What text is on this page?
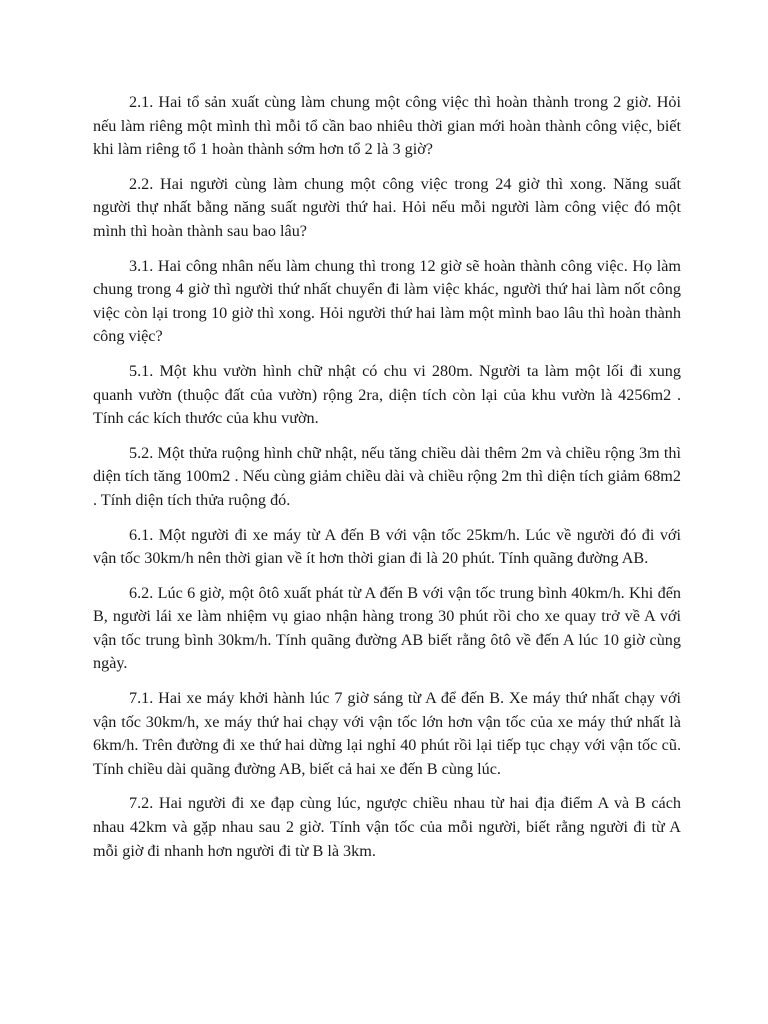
2.1. Hai tổ sản xuất cùng làm chung một công việc thì hoàn thành trong 2 giờ. Hỏi nếu làm riêng một mình thì mỗi tổ cần bao nhiêu thời gian mới hoàn thành công việc, biết khi làm riêng tổ 1 hoàn thành sớm hơn tổ 2 là 3 giờ?

2.2. Hai người cùng làm chung một công việc trong 24 giờ thì xong. Năng suất người thự nhất bằng năng suất người thứ hai. Hỏi nếu mỗi người làm công việc đó một mình thì hoàn thành sau bao lâu?

3.1. Hai công nhân nếu làm chung thì trong 12 giờ sẽ hoàn thành công việc. Họ làm chung trong 4 giờ thì người thứ nhất chuyển đi làm việc khác, người thứ hai làm nốt công việc còn lại trong 10 giờ thì xong. Hỏi người thứ hai làm một mình bao lâu thì hoàn thành công việc?

5.1. Một khu vườn hình chữ nhật có chu vi 280m. Người ta làm một lối đi xung quanh vườn (thuộc đất của vườn) rộng 2ra, diện tích còn lại của khu vườn là 4256m2 . Tính các kích thước của khu vườn.

5.2. Một thửa ruộng hình chữ nhật, nếu tăng chiều dài thêm 2m và chiều rộng 3m thì diện tích tăng 100m2 . Nếu cùng giảm chiều dài và chiều rộng 2m thì diện tích giảm 68m2 . Tính diện tích thửa ruộng đó.

6.1. Một người đi xe máy từ A đến B với vận tốc 25km/h. Lúc về người đó đi với vận tốc 30km/h nên thời gian về ít hơn thời gian đi là 20 phút. Tính quãng đường AB.

6.2. Lúc 6 giờ, một ôtô xuất phát từ A đến B với vận tốc trung bình 40km/h. Khi đến B, người lái xe làm nhiệm vụ giao nhận hàng trong 30 phút rồi cho xe quay trở về A với vận tốc trung bình 30km/h. Tính quãng đường AB biết rằng ôtô về đến A lúc 10 giờ cùng ngày.

7.1. Hai xe máy khởi hành lúc 7 giờ sáng từ A để đến B. Xe máy thứ nhất chạy với vận tốc 30km/h, xe máy thứ hai chạy với vận tốc lớn hơn vận tốc của xe máy thứ nhất là 6km/h. Trên đường đi xe thứ hai dừng lại nghỉ 40 phút rồi lại tiếp tục chạy với vận tốc cũ. Tính chiều dài quãng đường AB, biết cả hai xe đến B cùng lúc.

7.2. Hai người đi xe đạp cùng lúc, ngược chiều nhau từ hai địa điểm A và B cách nhau 42km và gặp nhau sau 2 giờ. Tính vận tốc của mỗi người, biết rằng người đi từ A mỗi giờ đi nhanh hơn người đi từ B là 3km.
